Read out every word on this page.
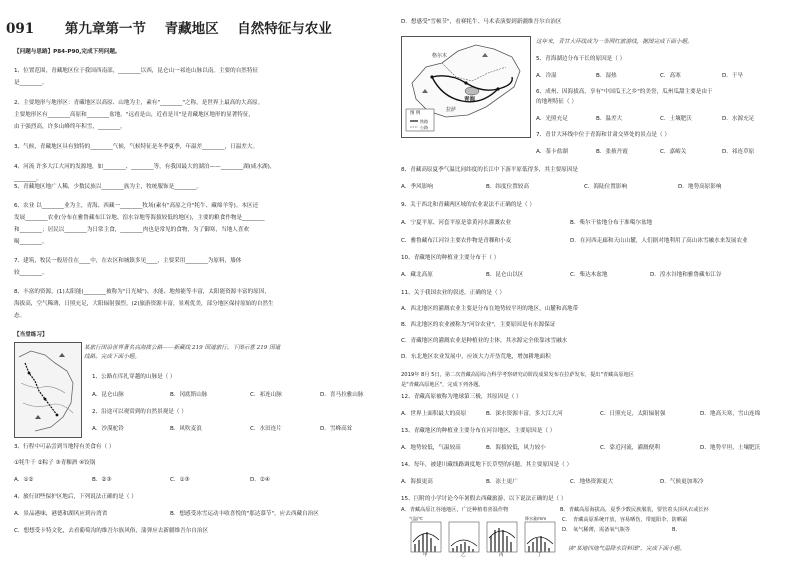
091 第九章第一节 青藏地区 自然特征与农业
【问题与思路】P84-P90,完成下列问题。
1、位置范围，青藏地区位于我国西南部，________以西，昆仑山一祁连山脉以南。主要的自然特征
是________。
2、主要地形与地形区：青藏地区以高原、山地为主，素有"________"之称，是世界上最高的大高原。
主要地形区有________高原和________盆地。"远看是山，近看是川"是青藏地区地形的显著特征，
由于强烈高，许多山峰终年积雪，________。
3、气候，青藏地区具有独特的________气候，气候特征是冬季夏季，年温差________，日温差大。
4、河流 许多大江大河的发源地，如________、________等，有我国最大的湖泊——________湖(咸水湖)，
________。
5、青藏地区地广人稀，少数民族以________族为主，牧统服饰是________。
6、农业 以________业为主，青海、西藏一________牧场(素有"高原之舟"牦牛、藏绵羊等)。本区还
发展________农业(分布在雅鲁藏布江谷地、湟水谷地等海拔较低的地区)，主要的粮食作物是________
和________；居民以________为日常主食，________肉也是常见的食物，为了御寒，当地人喜欢
喝________。
7、建筑，牧民一般居住在____中，在农区和城镇多见____，主要采用________为原料，墙体
较________。
8、丰富的资源，(1)太阳能(________被称为"日光城")、水能、地热能等丰富，太阳能资源丰富的原因，
海拔高，空气稀薄，日照充足，大阳辐射强烈。(2)旅游资源丰富，景观优美，部分地区保持原始的自然生
态。
【当堂练习】
某旅行团沿世界著名高海拔公路——新藏线 219 国道旅行。下图示意 219 国道
线路。完成下面小题。
1、公路在库扎穿越的山脉是（ ）
A．昆仑山脉	B．冈底斯山脉	C．祁连山脉	D．喜马拉雅山脉
2、沿途可以观赏到的自然景观是（ ）
A．沙漠驼铃	B．风吹麦浪	C．水田连片	D．雪峰高耸
3、行程中可品尝到当地特有美食有（ ）
①牦牛干 ②粽子 ③青稞酒 ④饺锅
A．①②	B．②③	C．①③	D．②④
4、旅行团些保护区地后，下列说法正确的是（ ）
A．景品港味，港德和湖风应到台湾省	B．想感受冰雪运动丰收喜悦的"那达慕节"，应去西藏自治区
C．想想受卡特文化，去看葡萄沟的维吾尔族风俗，蒲弹应去新疆维吾尔自治区
D．想感受"雪顿节"，看赛牦牛、马术表演要到新疆维吾尔自治区
格尔木
拉萨
青海
图 例
铁路
公路
这年来，青甘大环线成为一条网红旅游线，据图完成下面小题。
5、青海湖边分布干长的原因是（ ）
A．冷湿	B．湿热	C．高寒	D．干旱
6、成州、因海拔高，享有"中国瓜王之乡"的美誉，瓜州瓜甜主要是由于
的地理特征（ ）
A．光照充足	B．温差大	C．土壤肥沃	D．水源充足
7、青甘大环线中位于青海和甘肃交界处的景点是（ ）
A．茶卡盐湖	B．张掖丹霞	C．嘉峪关	D．祁连草原
8、青藏高原夏季气温比同纬度的长江中下游平原低得多，其主要原因是
A．季风影响	B．纬度位置较高	C．海陆位置影响	D．地势高原影响
9、关于西北和青藏两区域的农业说法不正确的是（ ）
A．宁夏平原、河套平原是靠黄河水灌溉农业	B．柴尔干盐地分布于准噶尔盆地
C．雅鲁藏布江河谷主要农作物是青稞和小麦	D．在河西走廊和天山山麓，人们据对地利用了高山冰雪融水来发展农业
10、青藏地区的种植业主要分布于（ ）
A．藏北高原	B．昆仑山以区	C．柴达木盆地	D．湟水谷地和雅鲁藏布江谷
11、关于我国农业的叙述，正确的是（ ）
A．西北地区的灌溉农业主要是分布在地势较平坦的地区，山麓和高地带
B．西北地区的农业被称为"河谷农业"，主要原因是有水源保证
C．青藏地区的灌溉农业是种植业的主体，其水源完全依靠冰雪融水
D．东北地区农业发展中，应该大力开垦荒地，增加耕地面积
2019年 8月 5日，第二次青藏高原综合科学考察研究动阶段成果发布在拉萨发布，提出"青藏高原地区
是"青藏高原地区"，完成下列各题。
12、青藏高原被称为地球第三极，其原因是（ ）
A．世界上面积最大的高原	B．深水资源丰富，多大江大河	C．日照充足，太阳辐射强	D．地高天寒，雪山连绵
13、青藏地区的种植业主要分布在河谷地区，主要原因是（ ）
A．地势较低，气温较高	B．海拔较低，风力较小	C．靠近河流，灌溉便利	D．地势平坦，土壤肥沃
14、每年，被建川藏线路调度地下长草型的问题。其主要原因是（ ）
A．海拔更高	B．冻土更广	C．地热资源更大	D．气候更加寒冷
15、巨附的小学讨论今年暑假去西藏旅游，以下说法正确的是（ ）
A．青藏高原江谷地地区，广泛种植着喜温作物	B．青藏高原海拔高，夏季少数民族服装，要管着头顶风衣或长衫
气温/℃	降水量/mm
甲	乙	丙	丁
C. 青藏高原系统开放，容易晒伤，带遮阳伞、防晒霜
D. 氧气稀薄，需备氧气瓶等	B.
读"某地四地气温降水资料图"，完成下面小题。
